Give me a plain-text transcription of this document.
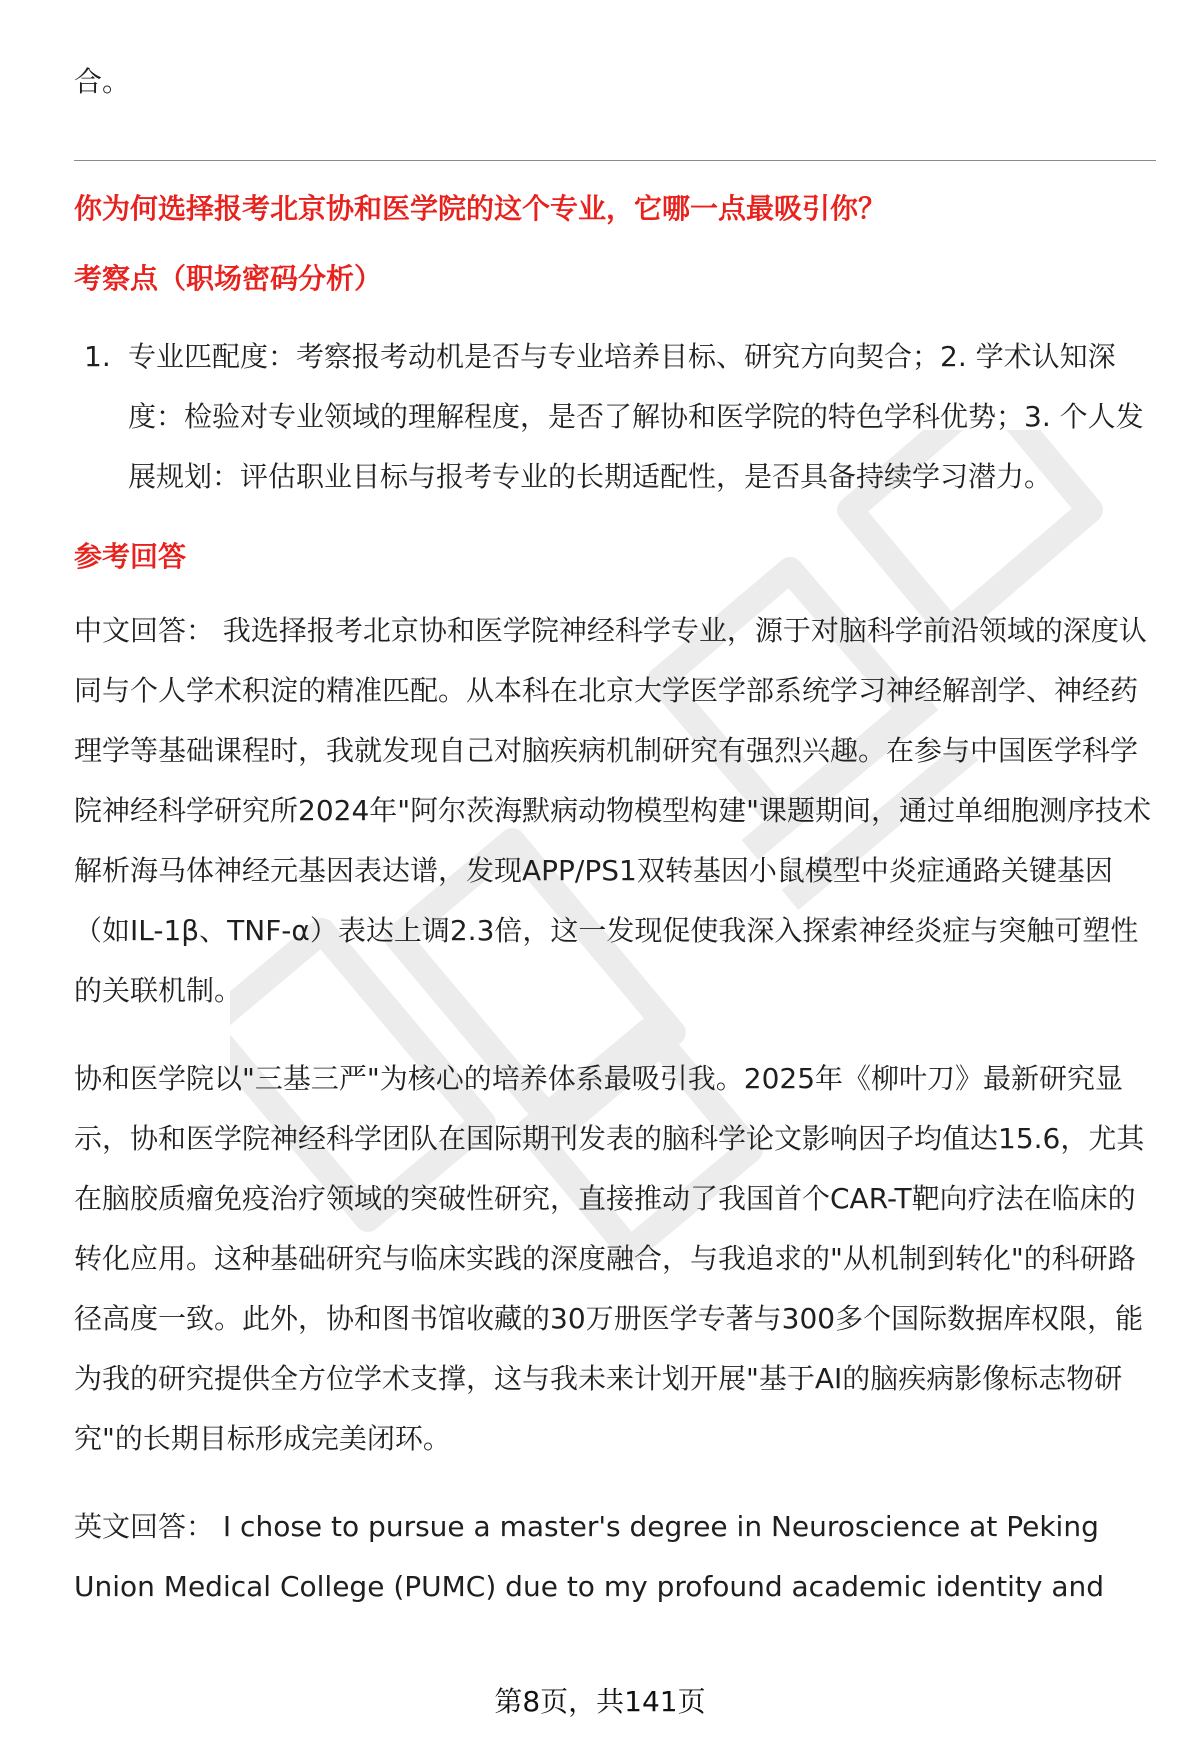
合。

你为何选择报考北京协和医学院的这个专业，它哪一点最吸引你？
考察点（职场密码分析）
1. 专业匹配度：考察报考动机是否与专业培养目标、研究方向契合；2. 学术认知深度：检验对专业领域的理解程度，是否了解协和医学院的特色学科优势；3. 个人发展规划：评估职业目标与报考专业的长期适配性，是否具备持续学习潜力。
参考回答

中文回答： 我选择报考北京协和医学院神经科学专业，源于对脑科学前沿领域的深度认同与个人学术积淀的精准匹配。从本科在北京大学医学部系统学习神经解剖学、神经药理学等基础课程时，我就发现自己对脑疾病机制研究有强烈兴趣。在参与中国医学科学院神经科学研究所2024年"阿尔茨海默病动物模型构建"课题期间，通过单细胞测序技术解析海马体神经元基因表达谱，发现APP/PS1双转基因小鼠模型中炎症通路关键基因（如IL-1β、TNF-α）表达上调2.3倍，这一发现促使我深入探索神经炎症与突触可塑性的关联机制。

协和医学院以"三基三严"为核心的培养体系最吸引我。2025年《柳叶刀》最新研究显示，协和医学院神经科学团队在国际期刊发表的脑科学论文影响因子均值达15.6，尤其在脑胶质瘤免疫治疗领域的突破性研究，直接推动了我国首个CAR-T靶向疗法在临床的转化应用。这种基础研究与临床实践的深度融合，与我追求的"从机制到转化"的科研路径高度一致。此外，协和图书馆收藏的30万册医学专著与300多个国际数据库权限，能为我的研究提供全方位学术支撑，这与我未来计划开展"基于AI的脑疾病影像标志物研究"的长期目标形成完美闭环。

英文回答： I chose to pursue a master's degree in Neuroscience at Peking Union Medical College (PUMC) due to my profound academic identity and

第8页，共141页
